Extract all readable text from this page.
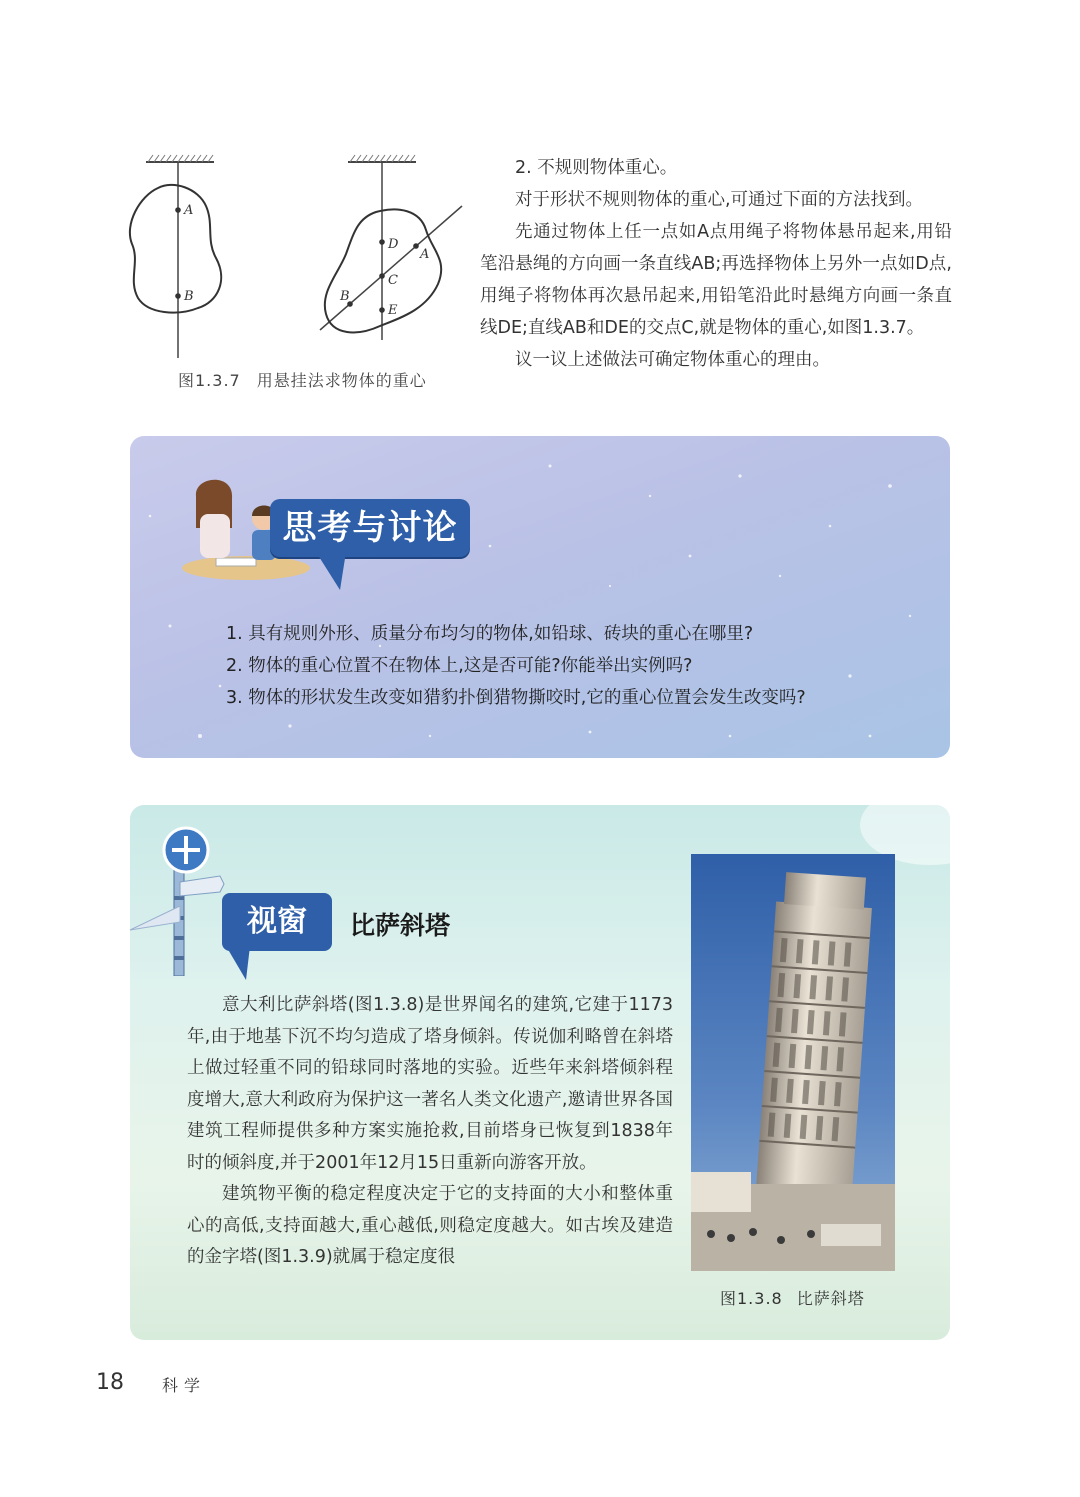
A
B
D
A
C
B
E
图1.3.7 用悬挂法求物体的重心

2. 不规则物体重心。

对于形状不规则物体的重心,可通过下面的方法找到。

先通过物体上任一点如A点用绳子将物体悬吊起来,用铅笔沿悬绳的方向画一条直线AB;再选择物体上另外一点如D点,用绳子将物体再次悬吊起来,用铅笔沿此时悬绳方向画一条直线DE;直线AB和DE的交点C,就是物体的重心,如图1.3.7。

议一议上述做法可确定物体重心的理由。

思考与讨论
1. 具有规则外形、质量分布均匀的物体,如铅球、砖块的重心在哪里?
2. 物体的重心位置不在物体上,这是否可能?你能举出实例吗?
3. 物体的形状发生改变如猎豹扑倒猎物撕咬时,它的重心位置会发生改变吗?
视窗	比萨斜塔

意大利比萨斜塔(图1.3.8)是世界闻名的建筑,它建于1173年,由于地基下沉不均匀造成了塔身倾斜。传说伽利略曾在斜塔上做过轻重不同的铅球同时落地的实验。近些年来斜塔倾斜程度增大,意大利政府为保护这一著名人类文化遗产,邀请世界各国建筑工程师提供多种方案实施抢救,目前塔身已恢复到1838年时的倾斜度,并于2001年12月15日重新向游客开放。

建筑物平衡的稳定程度决定于它的支持面的大小和整体重心的高低,支持面越大,重心越低,则稳定度越大。如古埃及建造的金字塔(图1.3.9)就属于稳定度很

图1.3.8 比萨斜塔
18 科学
